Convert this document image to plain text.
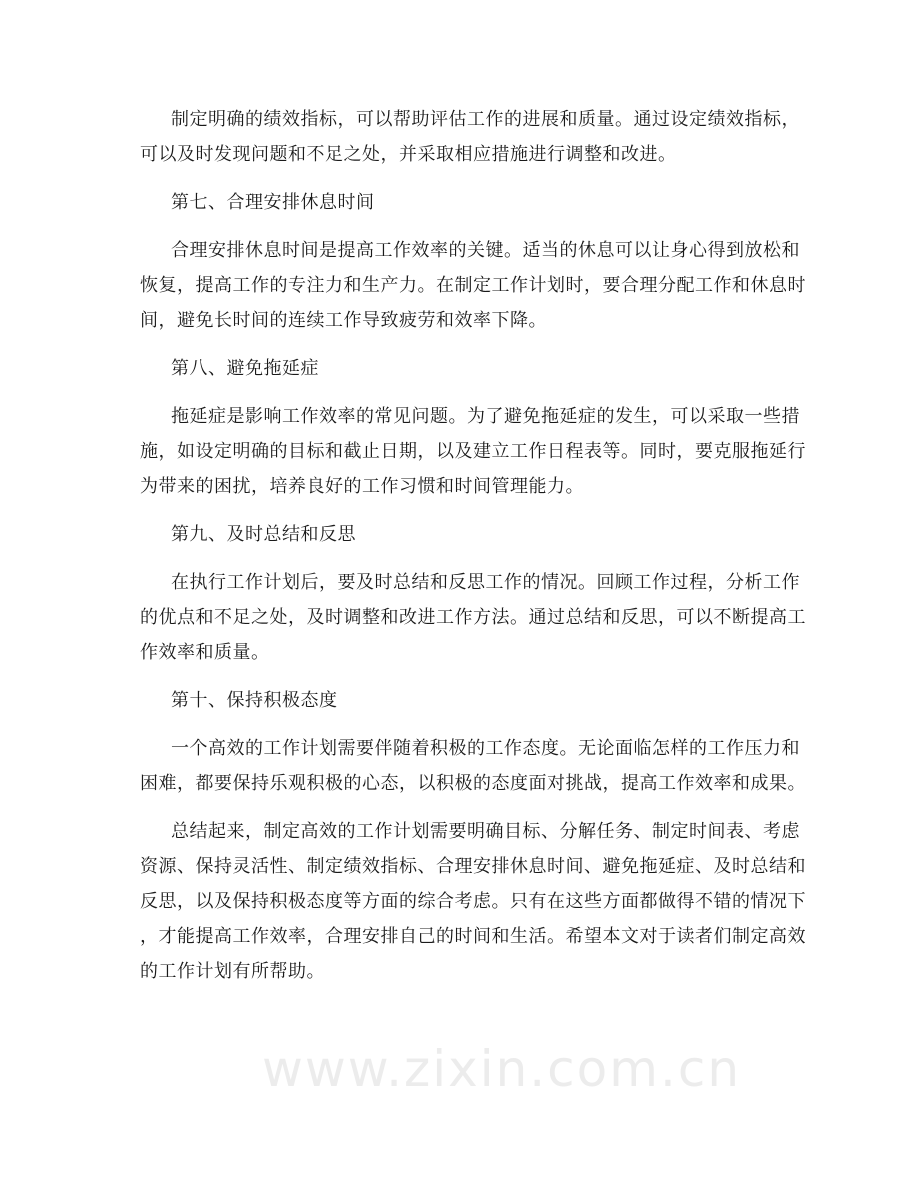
www.zixin.com.cn
制定明确的绩效指标，可以帮助评估工作的进展和质量。通过设定绩效指标，
可以及时发现问题和不足之处，并采取相应措施进行调整和改进。
第七、合理安排休息时间
合理安排休息时间是提高工作效率的关键。适当的休息可以让身心得到放松和
恢复，提高工作的专注力和生产力。在制定工作计划时，要合理分配工作和休息时
间，避免长时间的连续工作导致疲劳和效率下降。
第八、避免拖延症
拖延症是影响工作效率的常见问题。为了避免拖延症的发生，可以采取一些措
施，如设定明确的目标和截止日期，以及建立工作日程表等。同时，要克服拖延行
为带来的困扰，培养良好的工作习惯和时间管理能力。
第九、及时总结和反思
在执行工作计划后，要及时总结和反思工作的情况。回顾工作过程，分析工作
的优点和不足之处，及时调整和改进工作方法。通过总结和反思，可以不断提高工
作效率和质量。
第十、保持积极态度
一个高效的工作计划需要伴随着积极的工作态度。无论面临怎样的工作压力和
困难，都要保持乐观积极的心态，以积极的态度面对挑战，提高工作效率和成果。
总结起来，制定高效的工作计划需要明确目标、分解任务、制定时间表、考虑
资源、保持灵活性、制定绩效指标、合理安排休息时间、避免拖延症、及时总结和
反思，以及保持积极态度等方面的综合考虑。只有在这些方面都做得不错的情况下
，才能提高工作效率，合理安排自己的时间和生活。希望本文对于读者们制定高效
的工作计划有所帮助。
